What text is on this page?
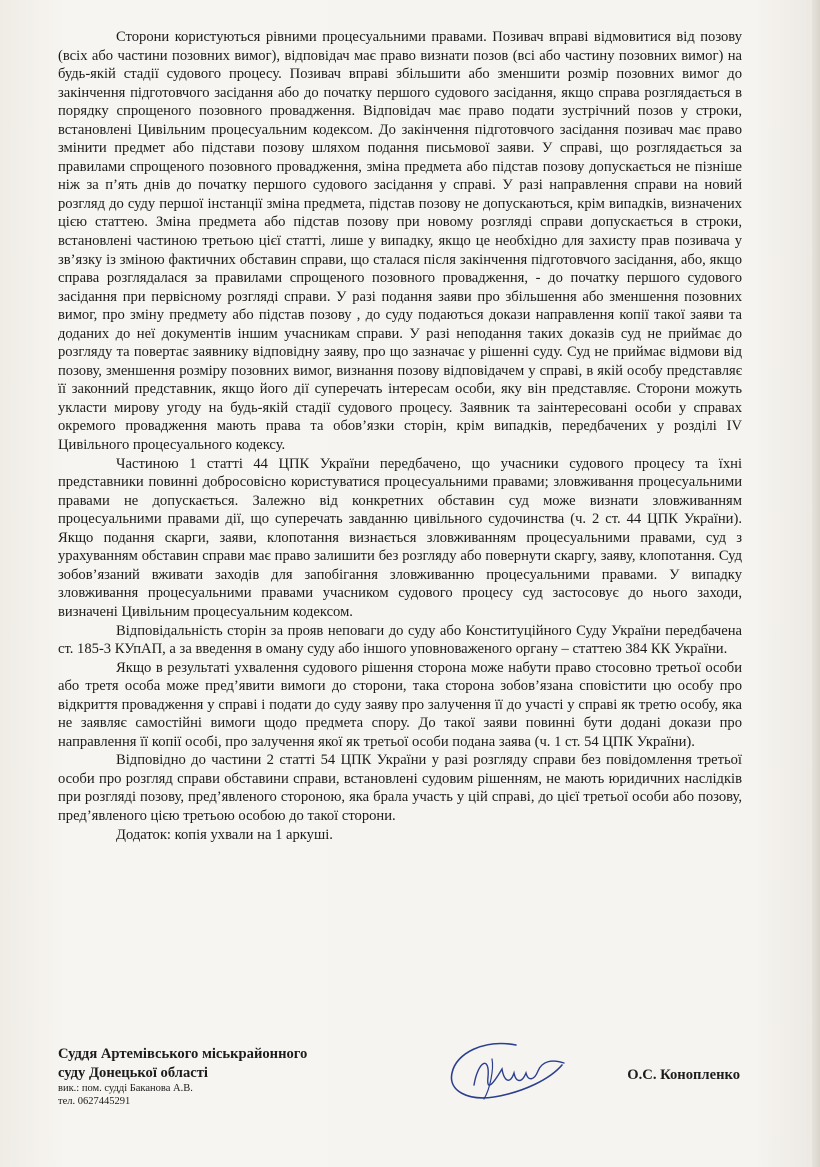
Сторони користуються рівними процесуальними правами. Позивач вправі відмовитися від позову (всіх або частини позовних вимог), відповідач має право визнати позов (всі або частину позовних вимог) на будь-якій стадії судового процесу. Позивач вправі збільшити або зменшити розмір позовних вимог до закінчення підготовчого засідання або до початку першого судового засідання, якщо справа розглядається в порядку спрощеного позовного провадження. Відповідач має право подати зустрічний позов у строки, встановлені Цивільним процесуальним кодексом. До закінчення підготовчого засідання позивач має право змінити предмет або підстави позову шляхом подання письмової заяви. У справі, що розглядається за правилами спрощеного позовного провадження, зміна предмета або підстав позову допускається не пізніше ніж за п’ять днів до початку першого судового засідання у справі. У разі направлення справи на новий розгляд до суду першої інстанції зміна предмета, підстав позову не допускаються, крім випадків, визначених цією статтею. Зміна предмета або підстав позову при новому розгляді справи допускається в строки, встановлені частиною третьою цієї статті, лише у випадку, якщо це необхідно для захисту прав позивача у зв’язку із зміною фактичних обставин справи, що сталася після закінчення підготовчого засідання, або, якщо справа розглядалася за правилами спрощеного позовного провадження, - до початку першого судового засідання при первісному розгляді справи. У разі подання заяви про збільшення або зменшення позовних вимог, про зміну предмету або підстав позову , до суду подаються докази направлення копії такої заяви та доданих до неї документів іншим учасникам справи. У разі неподання таких доказів суд не приймає до розгляду та повертає заявнику відповідну заяву, про що зазначає у рішенні суду. Суд не приймає відмови від позову, зменшення розміру позовних вимог, визнання позову відповідачем у справі, в якій особу представляє її законний представник, якщо його дії суперечать інтересам особи, яку він представляє. Сторони можуть укласти мирову угоду на будь-якій стадії судового процесу. Заявник та заінтересовані особи у справах окремого провадження мають права та обов’язки сторін, крім випадків, передбачених у розділі IV Цивільного процесуального кодексу.

Частиною 1 статті 44 ЦПК України передбачено, що учасники судового процесу та їхні представники повинні добросовісно користуватися процесуальними правами; зловживання процесуальними правами не допускається. Залежно від конкретних обставин суд може визнати зловживанням процесуальними правами дії, що суперечать завданню цивільного судочинства (ч. 2 ст. 44 ЦПК України). Якщо подання скарги, заяви, клопотання визнається зловживанням процесуальними правами, суд з урахуванням обставин справи має право залишити без розгляду або повернути скаргу, заяву, клопотання. Суд зобов’язаний вживати заходів для запобігання зловживанню процесуальними правами. У випадку зловживання процесуальними правами учасником судового процесу суд застосовує до нього заходи, визначені Цивільним процесуальним кодексом.

Відповідальність сторін за прояв неповаги до суду або Конституційного Суду України передбачена ст. 185-3 КУпАП, а за введення в оману суду або іншого уповноваженого органу – статтею 384 КК України.

Якщо в результаті ухвалення судового рішення сторона може набути право стосовно третьої особи або третя особа може пред’явити вимоги до сторони, така сторона зобов’язана сповістити цю особу про відкриття провадження у справі і подати до суду заяву про залучення її до участі у справі як третю особу, яка не заявляє самостійні вимоги щодо предмета спору. До такої заяви повинні бути додані докази про направлення її копії особі, про залучення якої як третьої особи подана заява (ч. 1 ст. 54 ЦПК України).

Відповідно до частини 2 статті 54 ЦПК України у разі розгляду справи без повідомлення третьої особи про розгляд справи обставини справи, встановлені судовим рішенням, не мають юридичних наслідків при розгляді позову, пред’явленого стороною, яка брала участь у цій справі, до цієї третьої особи або позову, пред’явленого цією третьою особою до такої сторони.

Додаток: копія ухвали на 1 аркуші.

Суддя Артемівського міськрайонного
суду Донецької області
вик.: пом. судді Баканова А.В.
тел. 0627445291
О.С. Конопленко
